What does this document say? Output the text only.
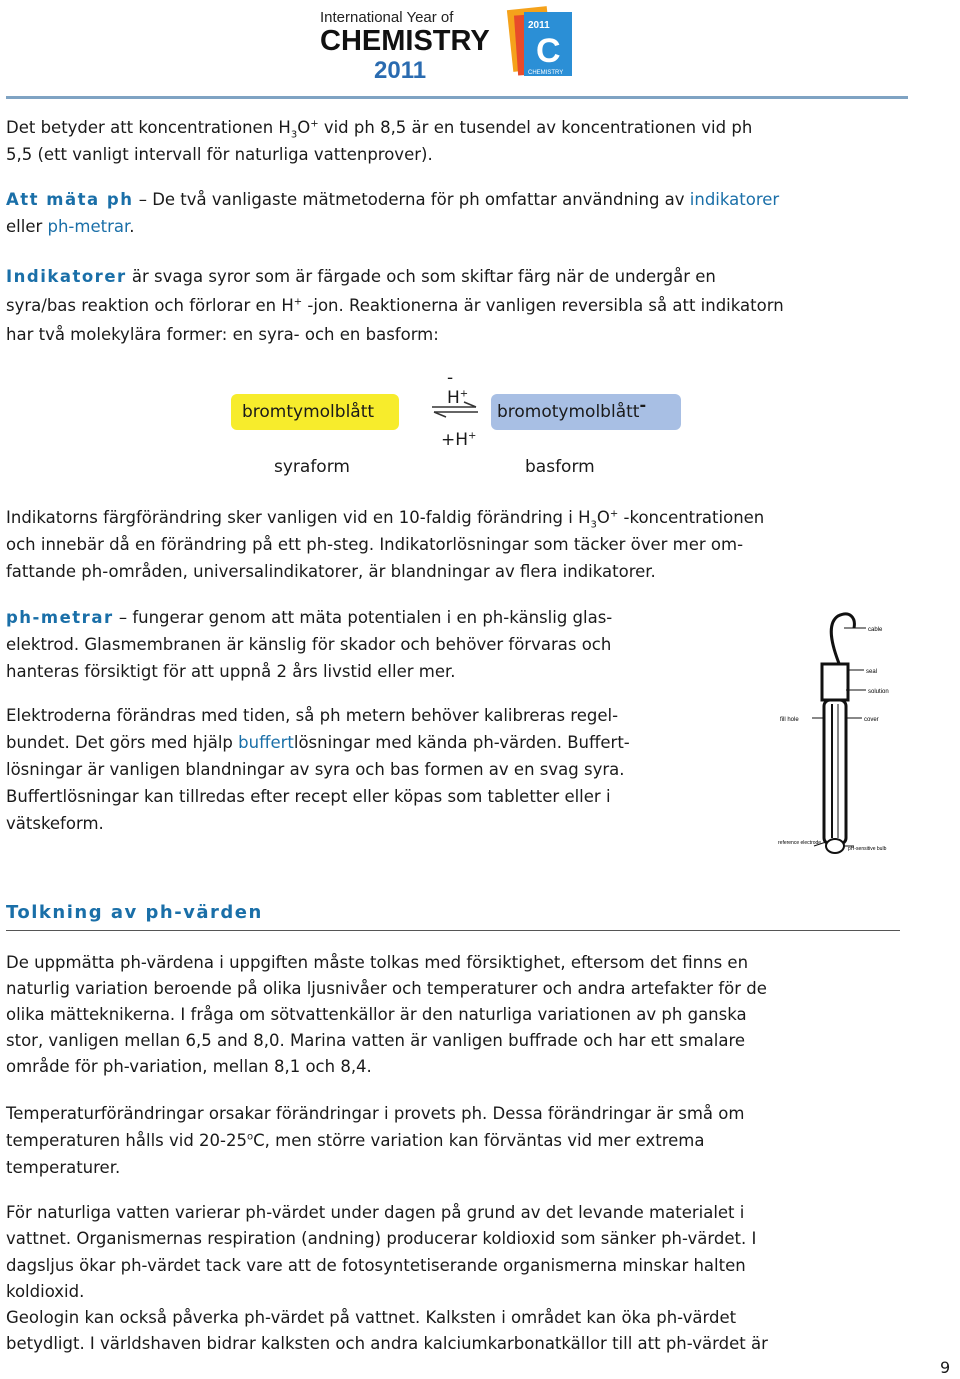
International Year of
CHEMISTRY
2011
2011
C
CHEMISTRY
Det betyder att koncentrationen $H_3O^+$ vid ph 8,5 är en tusendel av koncentrationen vid ph
5,5 (ett vanligt intervall för naturliga vattenprover).
Att mäta ph – De två vanligaste mätmetoderna för ph omfattar användning av indikatorer
eller ph-metrar.
Indikatorer är svaga syror som är färgade och som skiftar färg när de undergår en
syra/bas reaktion och förlorar en H+ -jon. Reaktionerna är vanligen reversibla så att indikatorn
har två molekylära former: en syra- och en basform:
-H+
bromtymolblått	⇌ bromotymolblått-
+H+
syraform	basform
Indikatorns färgförändring sker vanligen vid en 10-faldig förändring i $H_3O^+$ -koncentrationen
och innebär då en förändring på ett ph-steg. Indikatorlösningar som täcker över mer om-
fattande ph-områden, universalindikatorer, är blandningar av flera indikatorer.
ph-metrar – fungerar genom att mäta potentialen i en ph-känslig glas-
elektrod. Glasmembranen är känslig för skador och behöver förvaras och
hanteras försiktigt för att uppnå 2 års livstid eller mer.
Elektroderna förändras med tiden, så ph metern behöver kalibreras regel-
bundet. Det görs med hjälp buffertlösningar med kända ph-värden. Buffert-
lösningar är vanligen blandningar av syra och bas formen av en svag syra.
Buffertlösningar kan tillredas efter recept eller köpas som tabletter eller i
vätskeform.
cable
seal
solution
fill hole	cover
reference electrode
pH-sensitive bulb
Tolkning av ph-värden
De uppmätta ph-värdena i uppgiften måste tolkas med försiktighet, eftersom det finns en
naturlig variation beroende på olika ljusnivåer och temperaturer och andra artefakter för de
olika mätteknikerna. I fråga om sötvattenkällor är den naturliga variationen av ph ganska
stor, vanligen mellan 6,5 and 8,0. Marina vatten är vanligen buffrade och har ett smalare
område för ph-variation, mellan 8,1 och 8,4.
Temperaturförändringar orsakar förändringar i provets ph. Dessa förändringar är små om
temperaturen hålls vid 20-25$^o$C, men större variation kan förväntas vid mer extrema
temperaturer.
För naturliga vatten varierar ph-värdet under dagen på grund av det levande materialet i
vattnet. Organismernas respiration (andning) producerar koldioxid som sänker ph-värdet. I
dagsljus ökar ph-värdet tack vare att de fotosyntetiserande organismerna minskar halten
koldioxid.
Geologin kan också påverka ph-värdet på vattnet. Kalksten i området kan öka ph-värdet
betydligt. I världshaven bidrar kalksten och andra kalciumkarbonatkällor till att ph-värdet är
9
